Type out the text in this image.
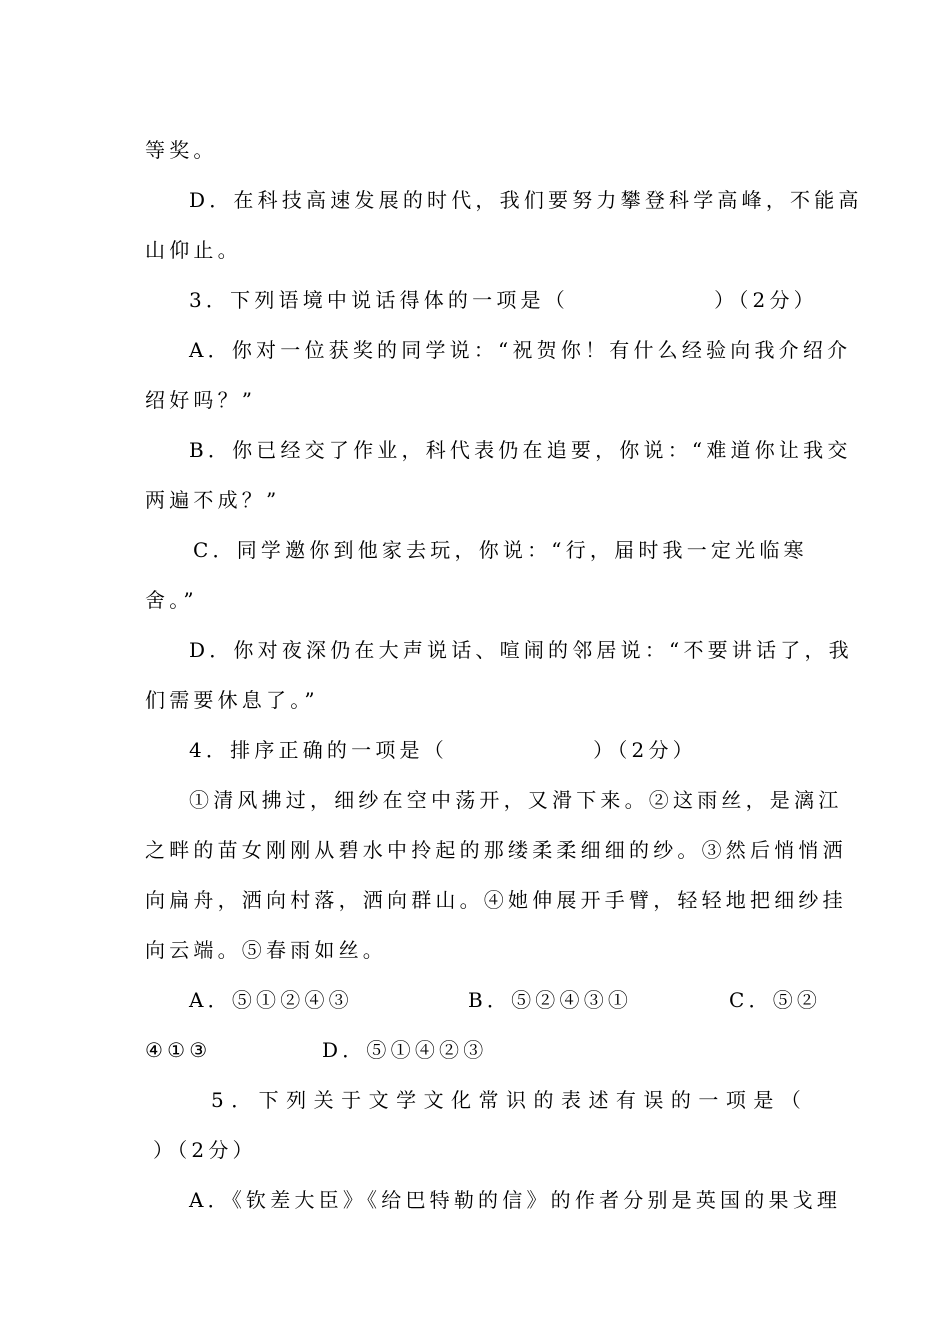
等奖。
D．在科技高速发展的时代，我们要努力攀登科学高峰，不能高
山仰止。
3．下列语境中说话得体的一项是（　　　　　　）（2分）
A．你对一位获奖的同学说：“祝贺你！有什么经验向我介绍介
绍好吗？”
B．你已经交了作业，科代表仍在追要，你说：“难道你让我交
两遍不成？”
C．同学邀你到他家去玩，你说：“行，届时我一定光临寒
舍。”
D．你对夜深仍在大声说话、喧闹的邻居说：“不要讲话了，我
们需要休息了。”
4．排序正确的一项是（　　　　　　）（2分）
①清风拂过，细纱在空中荡开，又滑下来。②这雨丝，是漓江
之畔的苗女刚刚从碧水中拎起的那缕柔柔细细的纱。③然后悄悄洒
向扁舟，洒向村落，洒向群山。④她伸展开手臂，轻轻地把细纱挂
向云端。⑤春雨如丝。

A．⑤①②④③

	B．⑤②④③①

	C．⑤②

④①③

	D．⑤①④②③

5．下列关于文学文化常识的表述有误的一项是（
）（2分）
A．《钦差大臣》《给巴特勒的信》的作者分别是英国的果戈理
